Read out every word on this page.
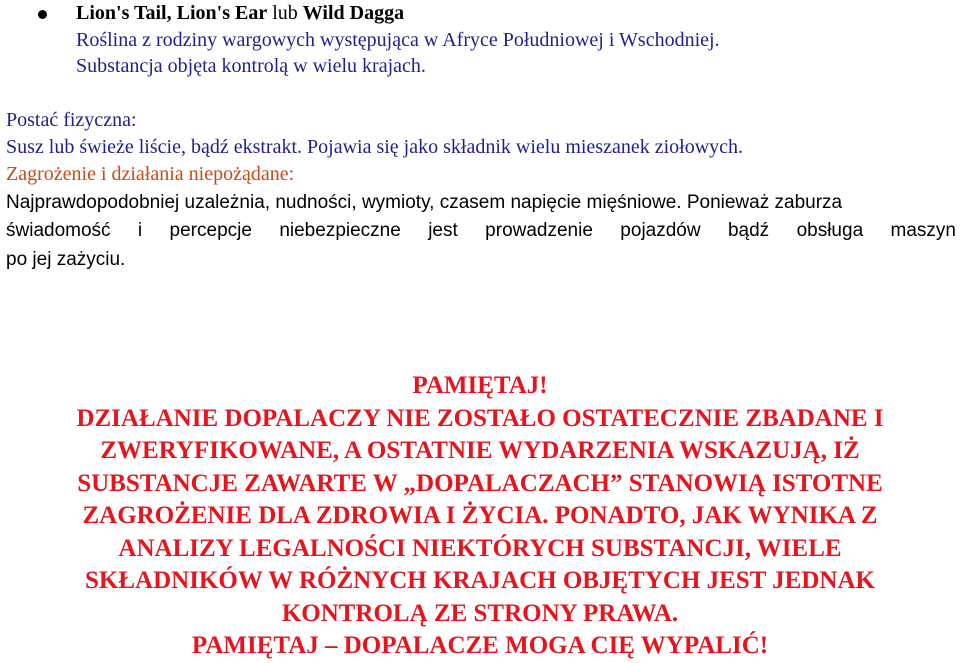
Lion's Tail, Lion's Ear lub Wild Dagga
Roślina z rodziny wargowych występująca w Afryce Południowej i Wschodniej.
Substancja objęta kontrolą w wielu krajach.
Postać fizyczna:
Susz lub świeże liście, bądź ekstrakt. Pojawia się jako składnik wielu mieszanek ziołowych.
Zagrożenie i działania niepożądane:
Najprawdopodobniej uzależnia, nudności, wymioty, czasem napięcie mięśniowe. Ponieważ zaburza
świadomość i percepcje niebezpieczne jest prowadzenie pojazdów bądź obsługa maszyn
po jej zażyciu.
PAMIĘTAJ!
DZIAŁANIE DOPALACZY NIE ZOSTAŁO OSTATECZNIE ZBADANE I
ZWERYFIKOWANE, A OSTATNIE WYDARZENIA WSKAZUJĄ, IŻ
SUBSTANCJE ZAWARTE W „DOPALACZACH” STANOWIĄ ISTOTNE
ZAGROŻENIE DLA ZDROWIA I ŻYCIA. PONADTO, JAK WYNIKA Z
ANALIZY LEGALNOŚCI NIEKTÓRYCH SUBSTANCJI, WIELE
SKŁADNIKÓW W RÓŻNYCH KRAJACH OBJĘTYCH JEST JEDNAK
KONTROLĄ ZE STRONY PRAWA.
PAMIĘTAJ – DOPALACZE MOGA CIĘ WYPALIĆ!
